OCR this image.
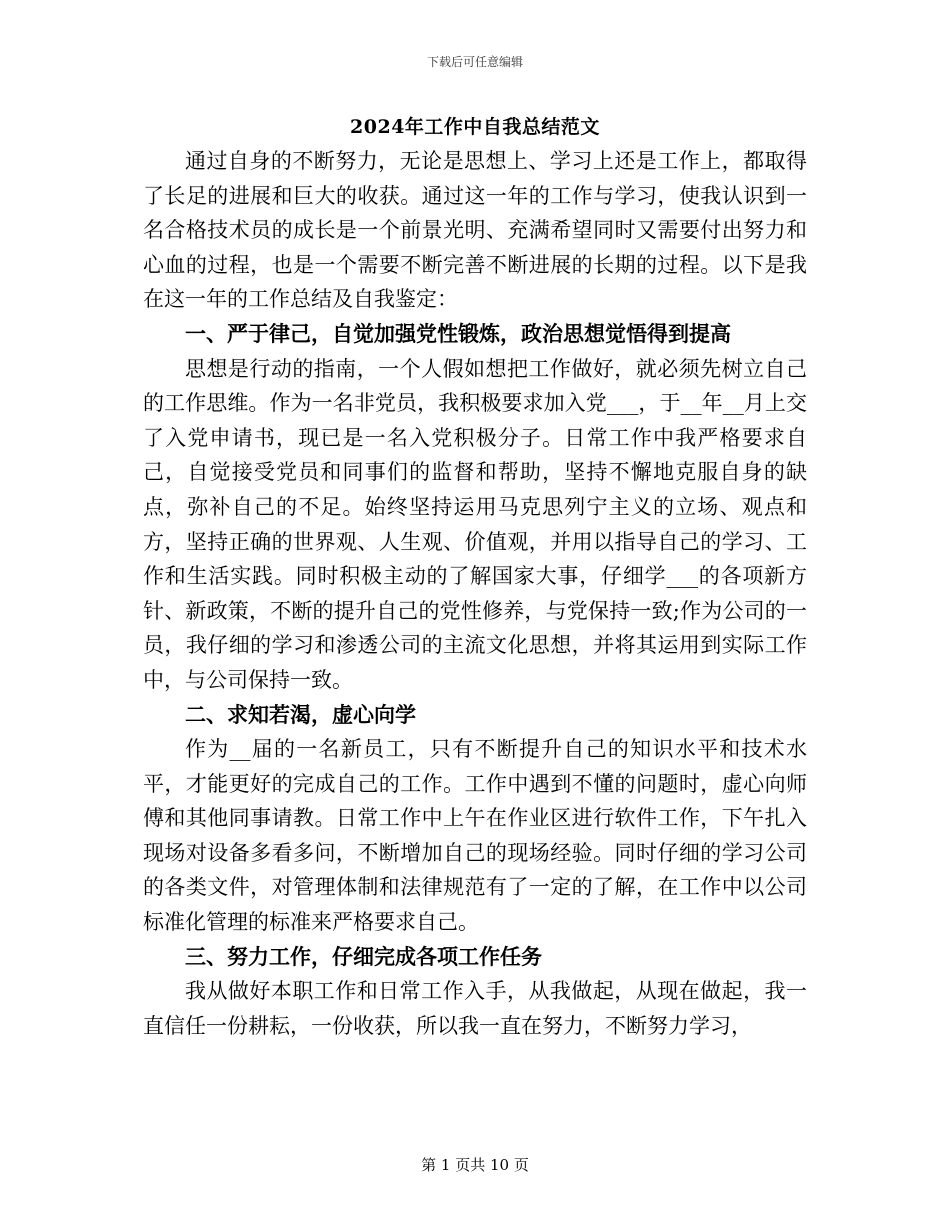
下载后可任意编辑
2024年工作中自我总结范文

通过自身的不断努力，无论是思想上、学习上还是工作上，都取得了长足的进展和巨大的收获。通过这一年的工作与学习，使我认识到一名合格技术员的成长是一个前景光明、充满希望同时又需要付出努力和心血的过程，也是一个需要不断完善不断进展的长期的过程。以下是我在这一年的工作总结及自我鉴定：

一、严于律己，自觉加强党性锻炼，政治思想觉悟得到提高

思想是行动的指南，一个人假如想把工作做好，就必须先树立自己的工作思维。作为一名非党员，我积极要求加入党___，于__年__月上交了入党申请书，现已是一名入党积极分子。日常工作中我严格要求自己，自觉接受党员和同事们的监督和帮助，坚持不懈地克服自身的缺点，弥补自己的不足。始终坚持运用马克思列宁主义的立场、观点和方，坚持正确的世界观、人生观、价值观，并用以指导自己的学习、工作和生活实践。同时积极主动的了解国家大事，仔细学___的各项新方针、新政策，不断的提升自己的党性修养，与党保持一致;作为公司的一员，我仔细的学习和渗透公司的主流文化思想，并将其运用到实际工作中，与公司保持一致。

二、求知若渴，虚心向学

作为__届的一名新员工，只有不断提升自己的知识水平和技术水平，才能更好的完成自己的工作。工作中遇到不懂的问题时，虚心向师傅和其他同事请教。日常工作中上午在作业区进行软件工作，下午扎入现场对设备多看多问，不断增加自己的现场经验。同时仔细的学习公司的各类文件，对管理体制和法律规范有了一定的了解，在工作中以公司标准化管理的标准来严格要求自己。

三、努力工作，仔细完成各项工作任务

我从做好本职工作和日常工作入手，从我做起，从现在做起，我一直信任一份耕耘，一份收获，所以我一直在努力，不断努力学习，

第 1 页共 10 页
